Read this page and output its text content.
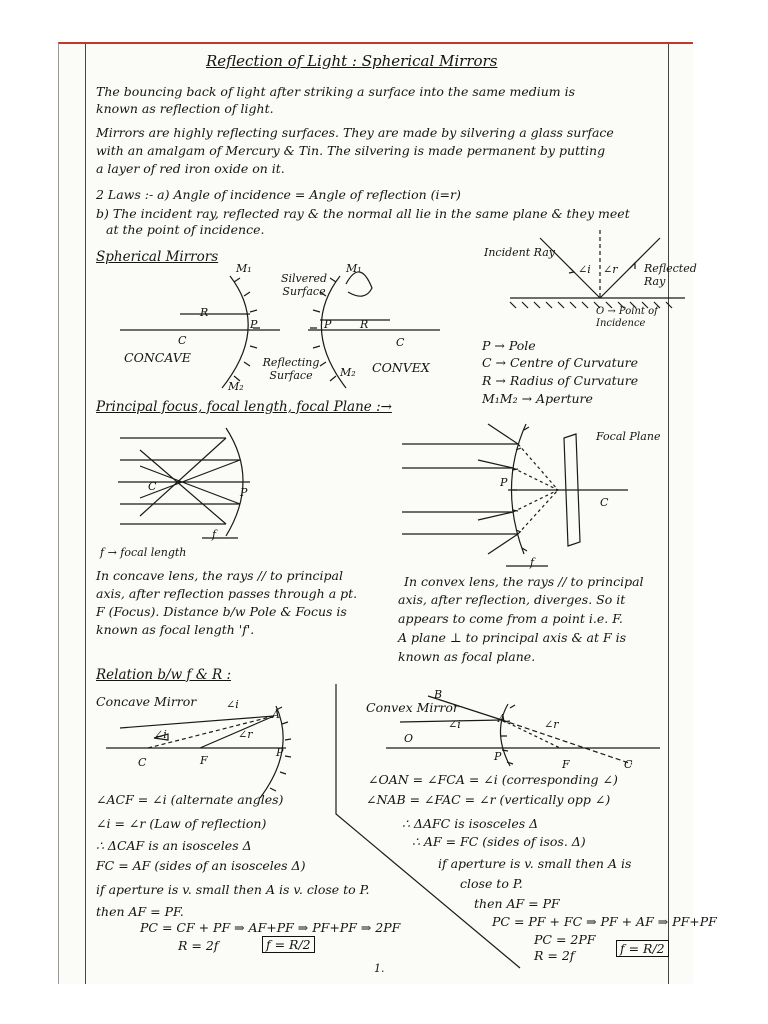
Reflection of Light : Spherical Mirrors
The bouncing back of light after striking a surface into the same medium is
known as reflection of light.
Mirrors are highly reflecting surfaces. They are made by silvering a glass surface
with an amalgam of Mercury & Tin. The silvering is made permanent by putting
a layer of red iron oxide on it.
2 Laws :- a) Angle of incidence = Angle of reflection (i=r)
b) The incident ray, reflected ray & the normal all lie in the same plane & they meet
at the point of incidence.
Incident Ray
Reflected Ray
∠i ∠r
O → Point of Incidence
Spherical Mirrors
M₁	M₁
Silvered Surface
R
R
P	P
C	C
CONCAVE
CONVEX
Reflecting Surface
M₂
M₂
P → Pole
C → Centre of Curvature
R → Radius of Curvature
M₁M₂ → Aperture
Principal focus, focal length, focal Plane :→
C	P
f
f → focal length
Focal Plane
P
C
f
In concave lens, the rays // to principal
axis, after reflection passes through a pt.
F (Focus). Distance b/w Pole & Focus is
known as focal length 'f'.
In convex lens, the rays // to principal
axis, after reflection, diverges. So it
appears to come from a point i.e. F.
A plane ⊥ to principal axis & at F is
known as focal plane.
Relation b/w f & R :
Concave Mirror	∠i
A
∠i	∠r
C	F
P
∠ACF = ∠i (alternate angles)
∠i = ∠r (Law of reflection)
∴ ΔCAF is an isosceles Δ
FC = AF (sides of an isosceles Δ)
if aperture is v. small then A is v. close to P.
then AF = PF.
PC = CF + PF ⇒ AF+PF ⇒ PF+PF ⇒ 2PF
R = 2f	f = R/2
Convex Mirror
B
∠i	A	∠r
O
P
F	C
∠OAN = ∠FCA = ∠i (corresponding ∠)
∠NAB = ∠FAC = ∠r (vertically opp ∠)
∴ ΔAFC is isosceles Δ
∴ AF = FC (sides of isos. Δ)
if aperture is v. small then A is
close to P.
then AF = PF
PC = PF + FC ⇒ PF + AF ⇒ PF+PF
PC = 2PF
R = 2f	f = R/2
1.
